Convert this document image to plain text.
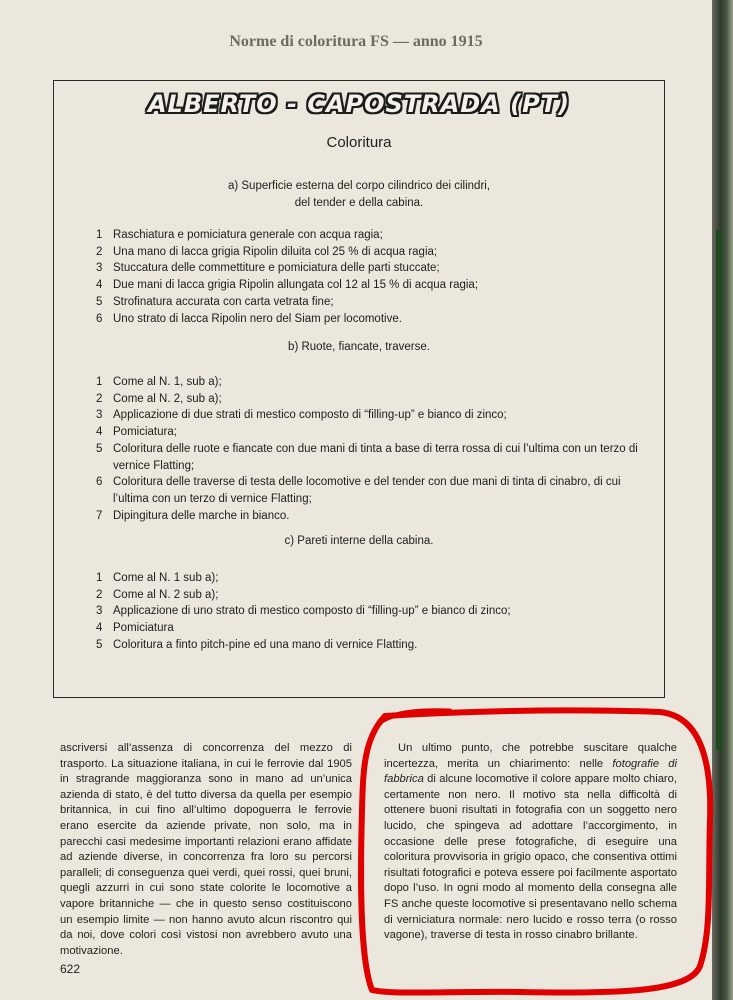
Norme di coloritura FS — anno 1915
ALBERTO - CAPOSTRADA (PT)
Coloritura
a) Superficie esterna del corpo cilindrico dei cilindri,
del tender e della cabina.
1 Raschiatura e pomiciatura generale con acqua ragia;
2 Una mano di lacca grigia Ripolin diluita col 25 % di acqua ragia;
3 Stuccatura delle commettiture e pomiciatura delle parti stuccate;
4 Due mani di lacca grigia Ripolin allungata col 12 al 15 % di acqua ragia;
5 Strofinatura accurata con carta vetrata fine;
6 Uno strato di lacca Ripolin nero del Siam per locomotive.
b) Ruote, fiancate, traverse.
1 Come al N. 1, sub a);
2 Come al N. 2, sub a);
3 Applicazione di due strati di mestico composto di “filling-up” e bianco di zinco;
4 Pomiciatura;
5 Coloritura delle ruote e fiancate con due mani di tinta a base di terra rossa di cui l’ultima con un terzo di vernice Flatting;
6 Coloritura delle traverse di testa delle locomotive e del tender con due mani di tinta di cinabro, di cui l’ultima con un terzo di vernice Flatting;
7 Dipingitura delle marche in bianco.
c) Pareti interne della cabina.
1 Come al N. 1 sub a);
2 Come al N. 2 sub a);
3 Applicazione di uno strato di mestico composto di “filling-up” e bianco di zinco;
4 Pomiciatura
5 Coloritura a finto pitch-pine ed una mano di vernice Flatting.

ascriversi all’assenza di concorrenza del mezzo di trasporto. La situazione italiana, in cui le ferrovie dal 1905 in stragrande maggioranza sono in mano ad un’unica azienda di stato, è del tutto diversa da quella per esempio britannica, in cui fino all’ultimo dopoguerra le ferrovie erano esercite da aziende private, non solo, ma in parecchi casi medesime importanti relazioni erano affidate ad aziende diverse, in concorrenza fra loro su percorsi paralleli; di conseguenza quei verdi, quei rossi, quei bruni, quegli azzurri in cui sono state colorite le locomotive a vapore britanniche — che in questo senso costituiscono un esempio limite — non hanno avuto alcun riscontro qui da noi, dove colori così vistosi non avrebbero avuto una motivazione.

Un ultimo punto, che potrebbe suscitare qualche incertezza, merita un chiarimento: nelle fotografie di fabbrica di alcune locomotive il colore appare molto chiaro, certamente non nero. Il motivo sta nella difficoltà di ottenere buoni risultati in fotografia con un soggetto nero lucido, che spingeva ad adottare l’accorgimento, in occasione delle prese fotografiche, di eseguire una coloritura provvisoria in grigio opaco, che consentiva ottimi risultati fotografici e poteva essere poi facilmente asportato dopo l’uso. In ogni modo al momento della consegna alle FS anche queste locomotive si presentavano nello schema di verniciatura normale: nero lucido e rosso terra (o rosso vagone), traverse di testa in rosso cinabro brillante.

622
